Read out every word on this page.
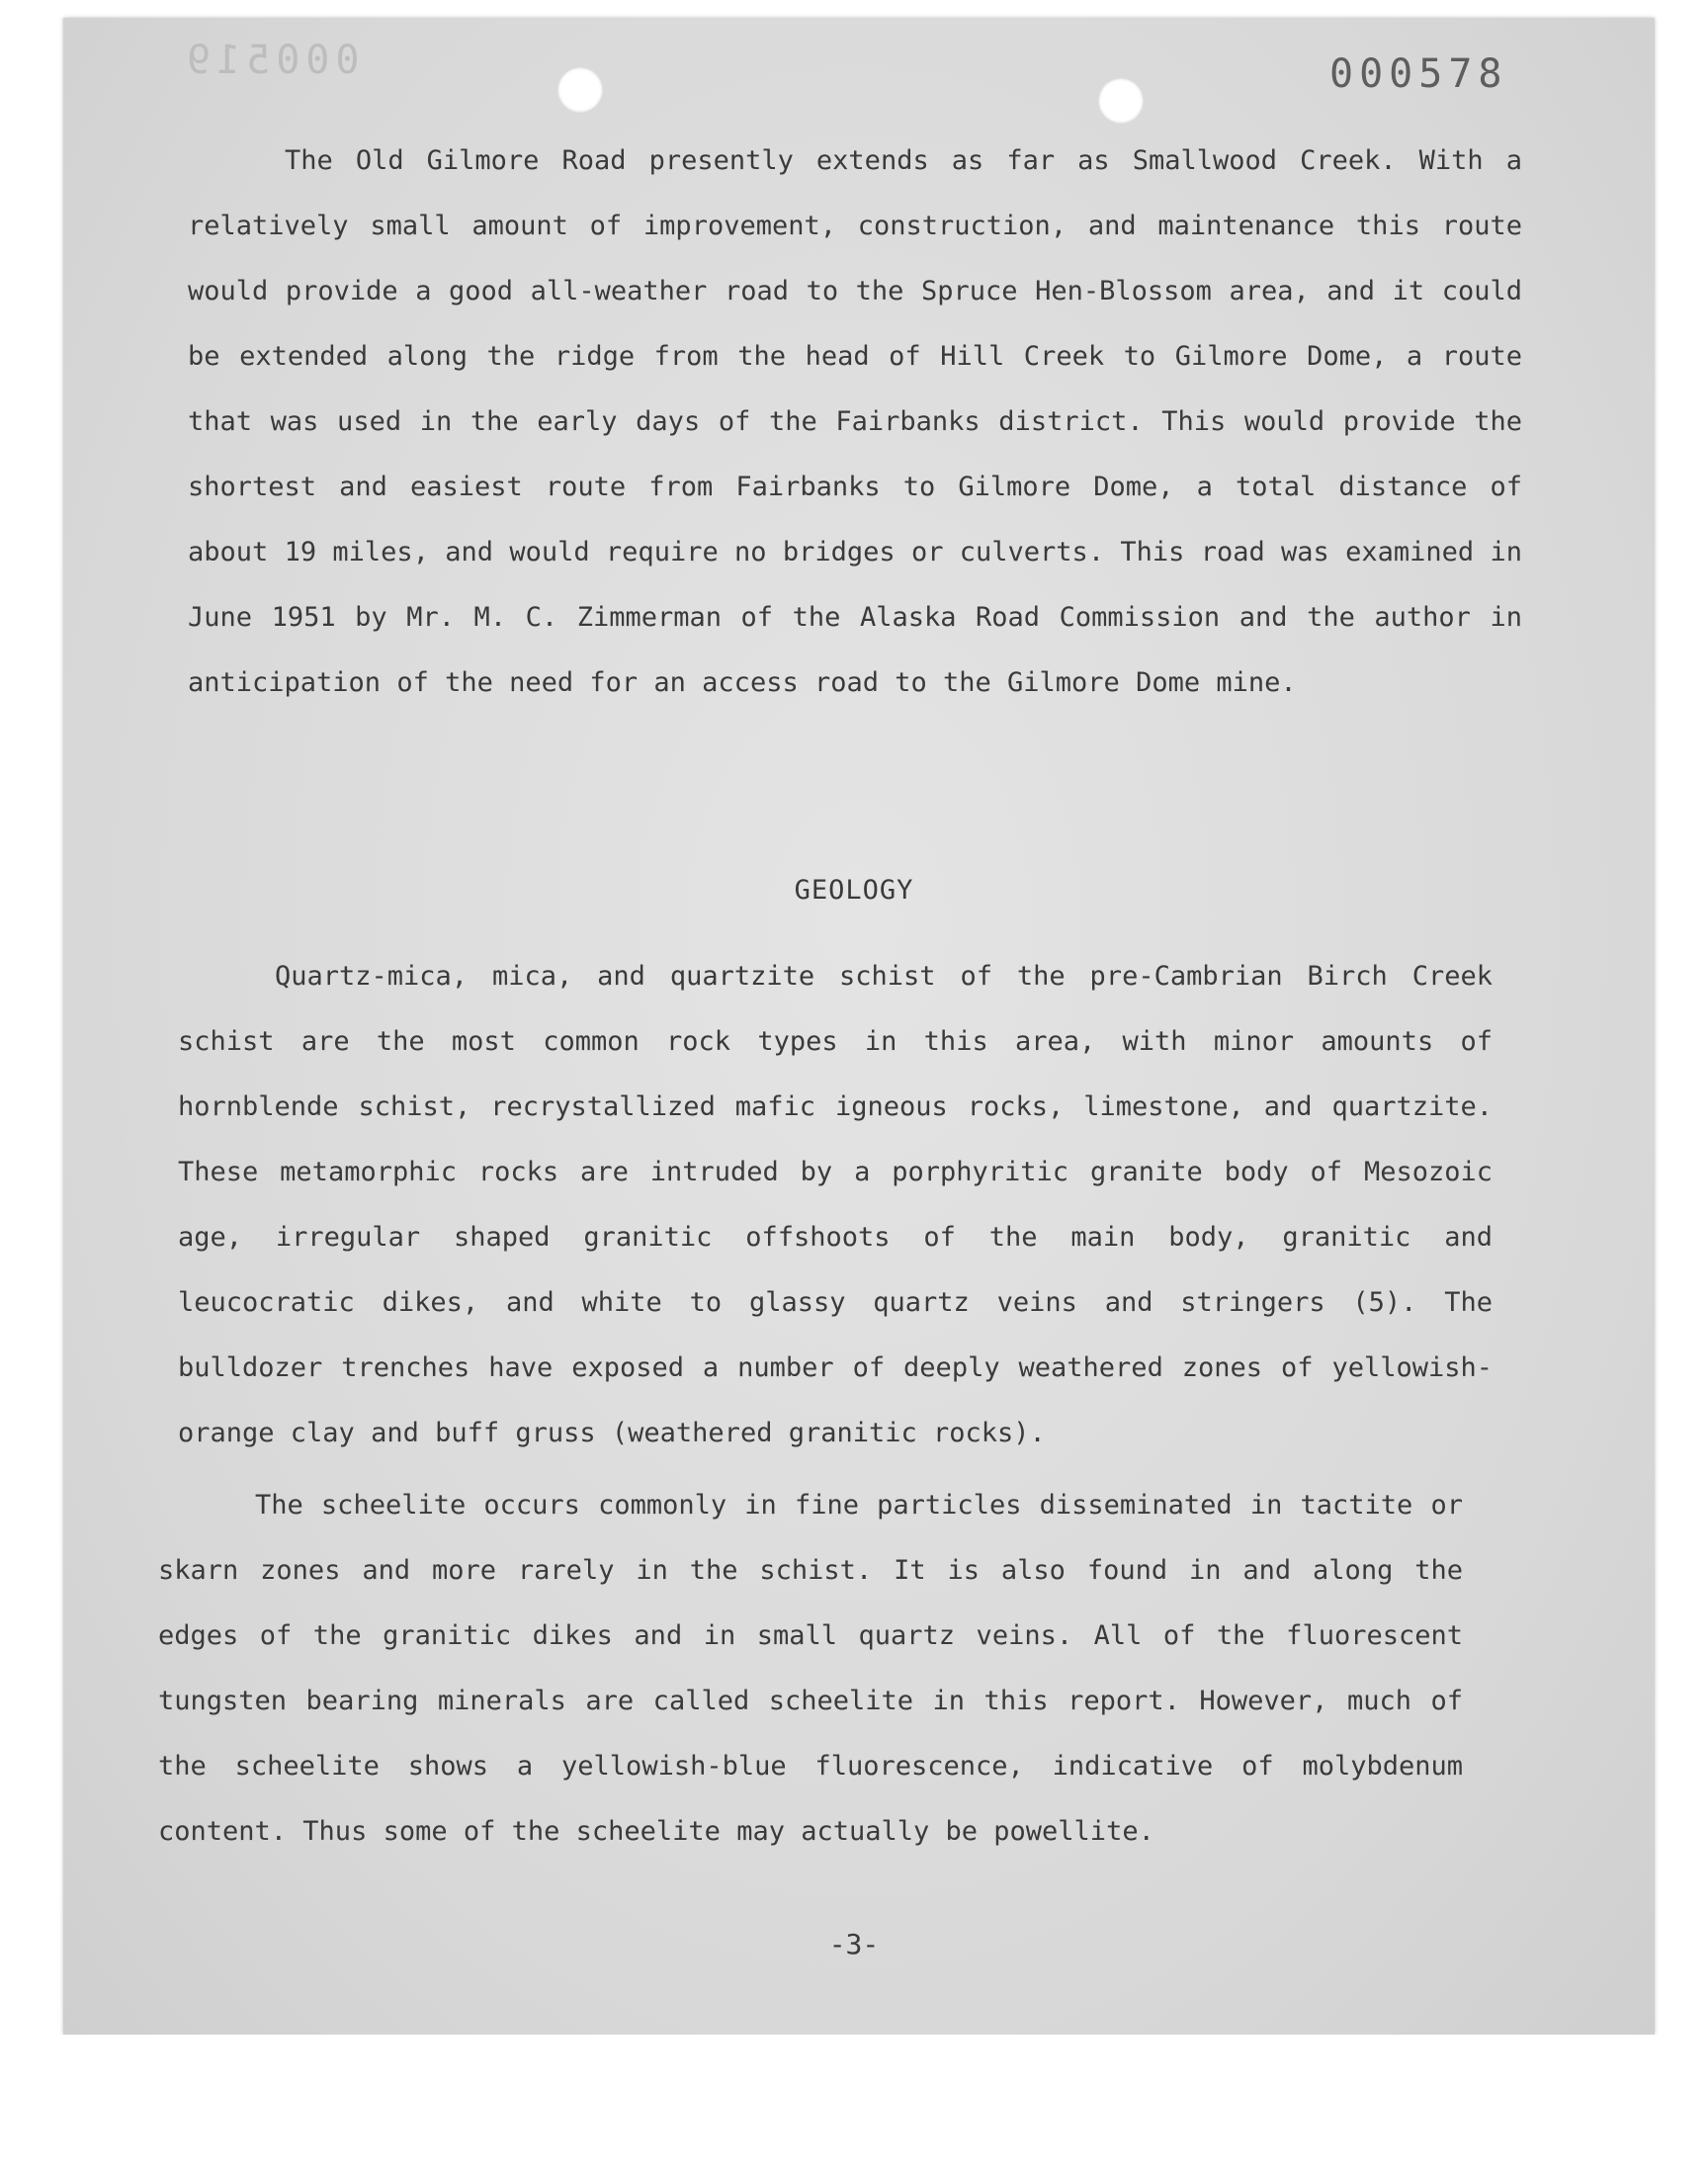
000519	000578

The Old Gilmore Road presently extends as far as Smallwood Creek. With a relatively small amount of improvement, construction, and maintenance this route would provide a good all-weather road to the Spruce Hen-Blossom area, and it could be extended along the ridge from the head of Hill Creek to Gilmore Dome, a route that was used in the early days of the Fairbanks district. This would provide the shortest and easiest route from Fairbanks to Gilmore Dome, a total distance of about 19 miles, and would require no bridges or culverts. This road was examined in June 1951 by Mr. M. C. Zimmerman of the Alaska Road Commission and the author in anticipation of the need for an access road to the Gilmore Dome mine.

GEOLOGY

Quartz-mica, mica, and quartzite schist of the pre-Cambrian Birch Creek schist are the most common rock types in this area, with minor amounts of hornblende schist, recrystallized mafic igneous rocks, limestone, and quartzite. These metamorphic rocks are intruded by a porphyritic granite body of Mesozoic age, irregular shaped granitic offshoots of the main body, granitic and leucocratic dikes, and white to glassy quartz veins and stringers (5). The bulldozer trenches have exposed a number of deeply weathered zones of yellowish-orange clay and buff gruss (weathered granitic rocks).

The scheelite occurs commonly in fine particles disseminated in tactite or skarn zones and more rarely in the schist. It is also found in and along the edges of the granitic dikes and in small quartz veins. All of the fluorescent tungsten bearing minerals are called scheelite in this report. However, much of the scheelite shows a yellowish-blue fluorescence, indicative of molybdenum content. Thus some of the scheelite may actually be powellite.

-3-
